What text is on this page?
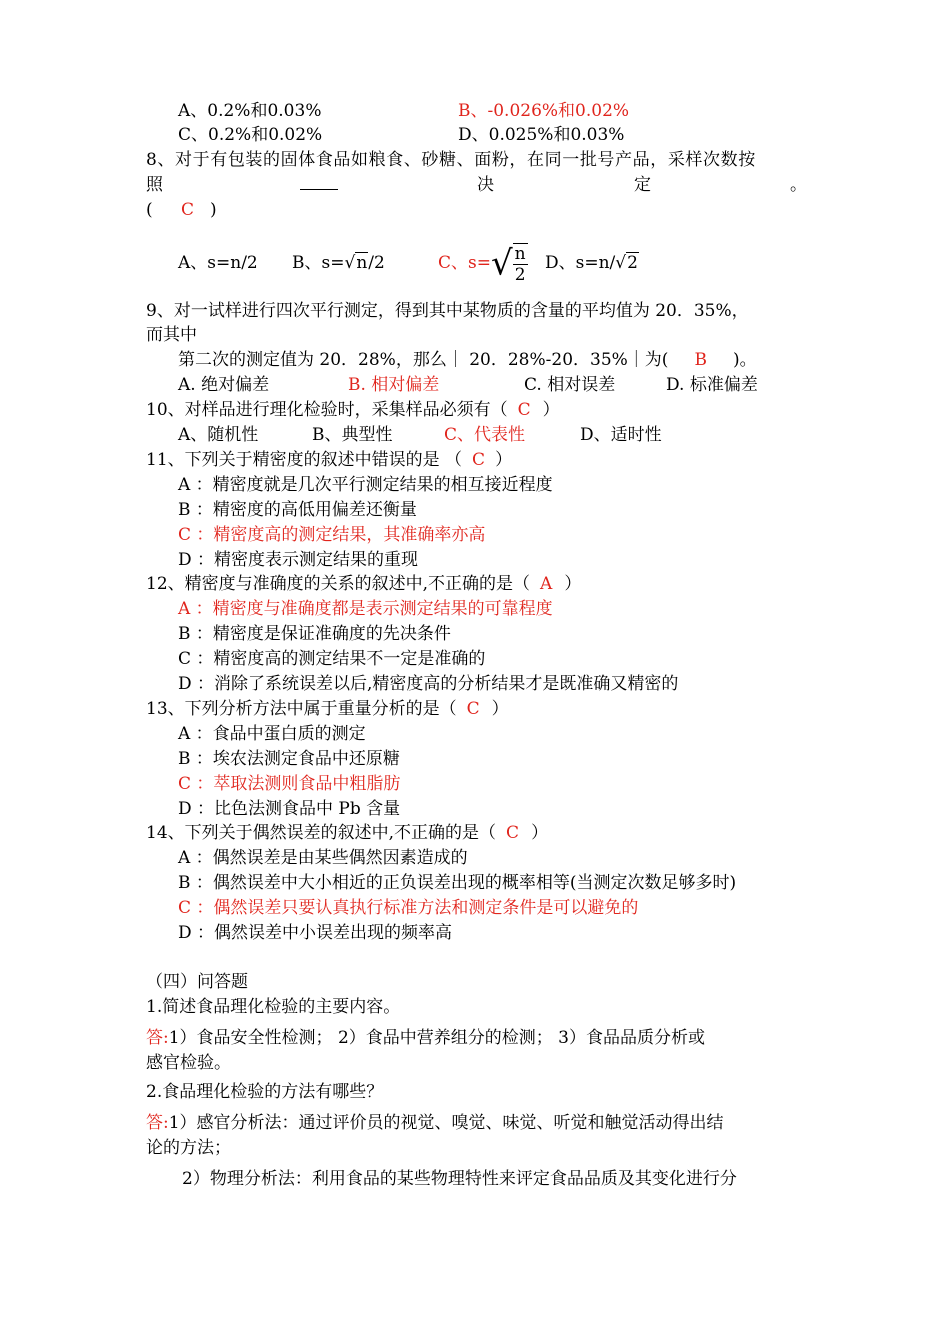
A、0.2%和0.03%	B、-0.026%和0.02%
C、0.2%和0.02%	D、0.025%和0.03%
8、对于有包装的固体食品如粮食、砂糖、面粉，在同一批号产品，采样次数按
照	决	定	。
( C )
A、s=n/2 B、s=√n/2	C、$s=√ \frac{n}{2}$ D、s=n/√2
9、对一试样进行四次平行测定，得到其中某物质的含量的平均值为 20．35%，
而其中
第二次的测定值为 20．28%，那么｜ 20．28%-20．35%｜为( B )。
A. 绝对偏差	B. 相对偏差	C. 相对误差	D. 标准偏差
10、对样品进行理化检验时，采集样品必须有（ C ）
A、随机性	B、典型性	C、代表性	D、适时性
11、下列关于精密度的叙述中错误的是 （ C ）
A ：精密度就是几次平行测定结果的相互接近程度
B ：精密度的高低用偏差还衡量
C ：精密度高的测定结果，其准确率亦高
D ：精密度表示测定结果的重现
12、精密度与准确度的关系的叙述中,不正确的是（ A ）
A ：精密度与准确度都是表示测定结果的可靠程度
B ：精密度是保证准确度的先决条件
C ：精密度高的测定结果不一定是准确的
D ：消除了系统误差以后,精密度高的分析结果才是既准确又精密的
13、下列分析方法中属于重量分析的是（ C ）
A ：食品中蛋白质的测定
B ：埃农法测定食品中还原糖
C ：萃取法测则食品中粗脂肪
D ：比色法测食品中 Pb 含量
14、下列关于偶然误差的叙述中,不正确的是（ C ）
A ：偶然误差是由某些偶然因素造成的
B ：偶然误差中大小相近的正负误差出现的概率相等(当测定次数足够多时)
C ：偶然误差只要认真执行标准方法和测定条件是可以避免的
D ：偶然误差中小误差出现的频率高
（四）问答题
1.简述食品理化检验的主要内容。
答:1）食品安全性检测； 2）食品中营养组分的检测； 3）食品品质分析或
感官检验。
2.食品理化检验的方法有哪些？
答:1）感官分析法：通过评价员的视觉、嗅觉、味觉、听觉和触觉活动得出结
论的方法；
2）物理分析法：利用食品的某些物理特性来评定食品品质及其变化进行分
